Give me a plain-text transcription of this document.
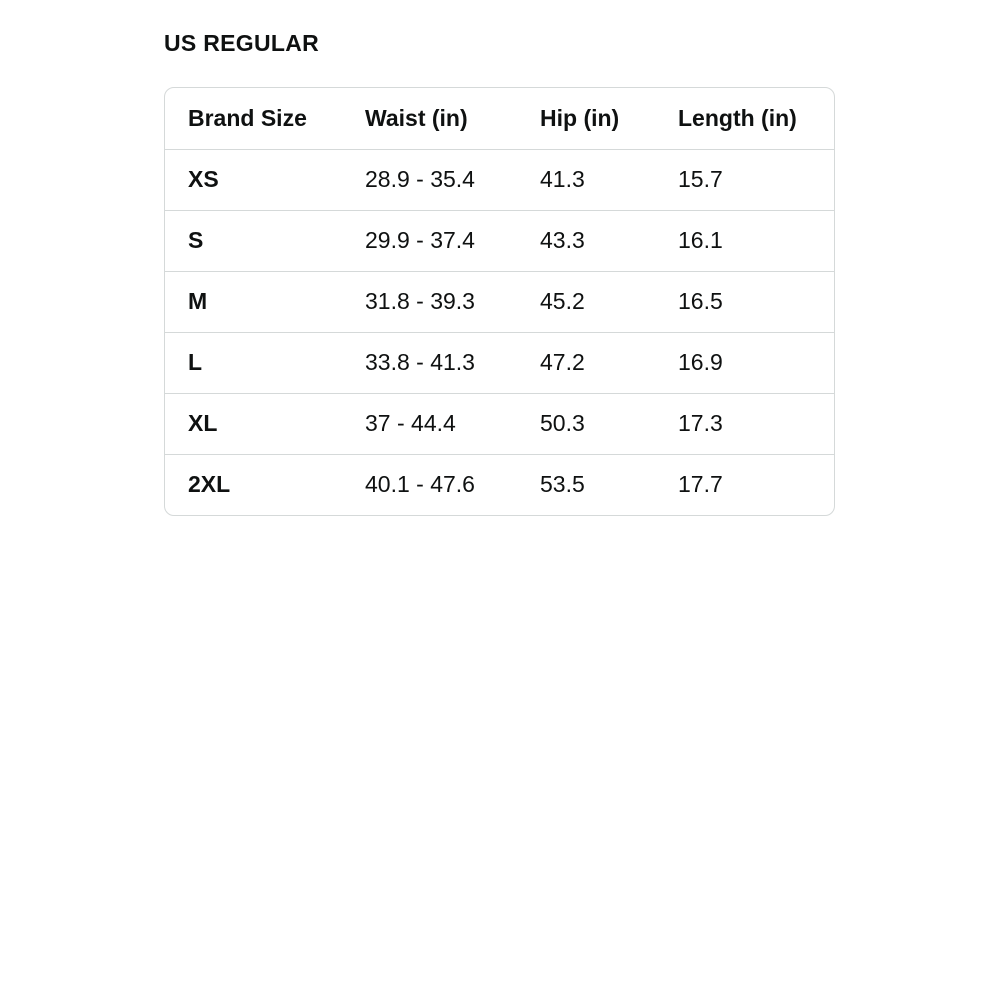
US REGULAR
Brand Size	Waist (in)	Hip (in)	Length (in)
XS	28.9 - 35.4	41.3	15.7
S	29.9 - 37.4	43.3	16.1
M	31.8 - 39.3	45.2	16.5
L	33.8 - 41.3	47.2	16.9
XL	37 - 44.4	50.3	17.3
2XL	40.1 - 47.6	53.5	17.7
